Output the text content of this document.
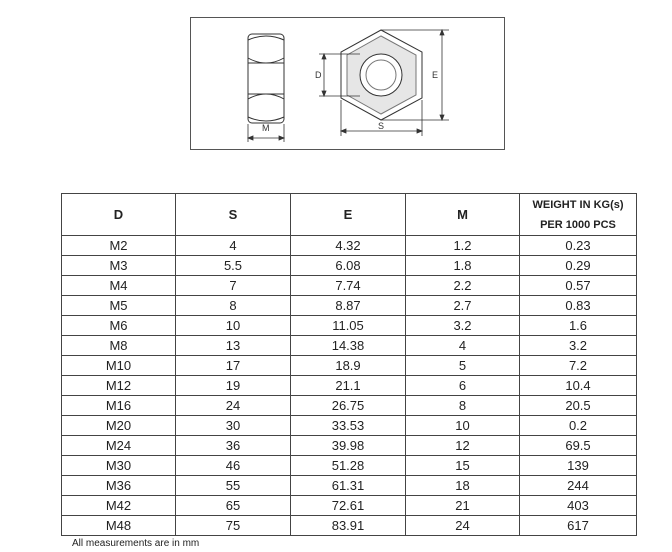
M
D	E
S
D	S	E	M	WEIGHT IN KG(s)
PER 1000 PCS

M2	4	4.32	1.2	0.23
M3	5.5	6.08	1.8	0.29
M4	7	7.74	2.2	0.57
M5	8	8.87	2.7	0.83
M6	10	11.05	3.2	1.6
M8	13	14.38	4	3.2
M10	17	18.9	5	7.2
M12	19	21.1	6	10.4
M16	24	26.75	8	20.5
M20	30	33.53	10	0.2
M24	36	39.98	12	69.5
M30	46	51.28	15	139
M36	55	61.31	18	244
M42	65	72.61	21	403
M48	75	83.91	24	617
All measurements are in mm
